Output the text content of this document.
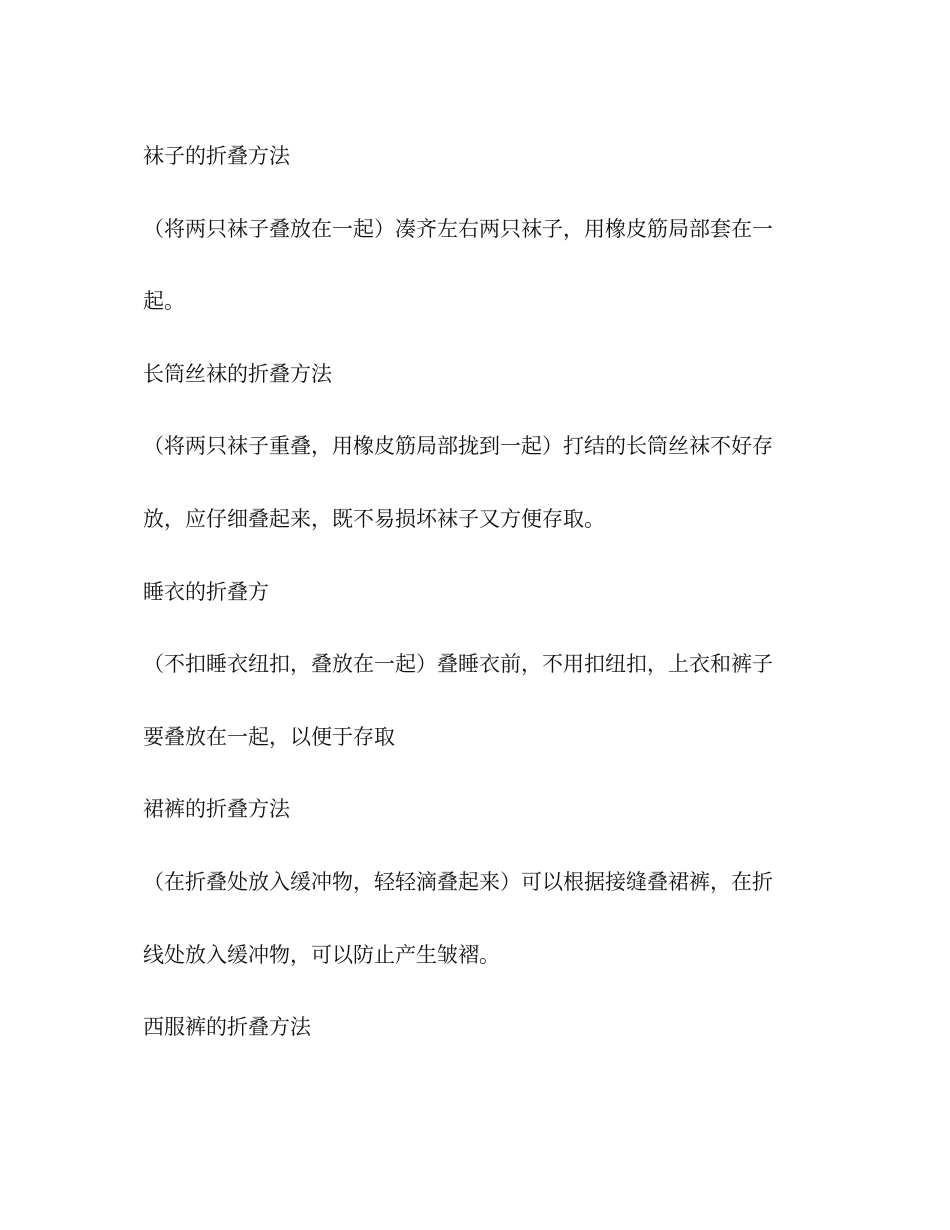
袜子的折叠方法
（将两只袜子叠放在一起）凑齐左右两只袜子，用橡皮筋局部套在一
起。
长筒丝袜的折叠方法
（将两只袜子重叠，用橡皮筋局部拢到一起）打结的长筒丝袜不好存
放，应仔细叠起来，既不易损坏袜子又方便存取。
睡衣的折叠方
（不扣睡衣纽扣，叠放在一起）叠睡衣前，不用扣纽扣，上衣和裤子
要叠放在一起，以便于存取
裙裤的折叠方法
（在折叠处放入缓冲物，轻轻滴叠起来）可以根据接缝叠裙裤，在折
线处放入缓冲物，可以防止产生皱褶。
西服裤的折叠方法
